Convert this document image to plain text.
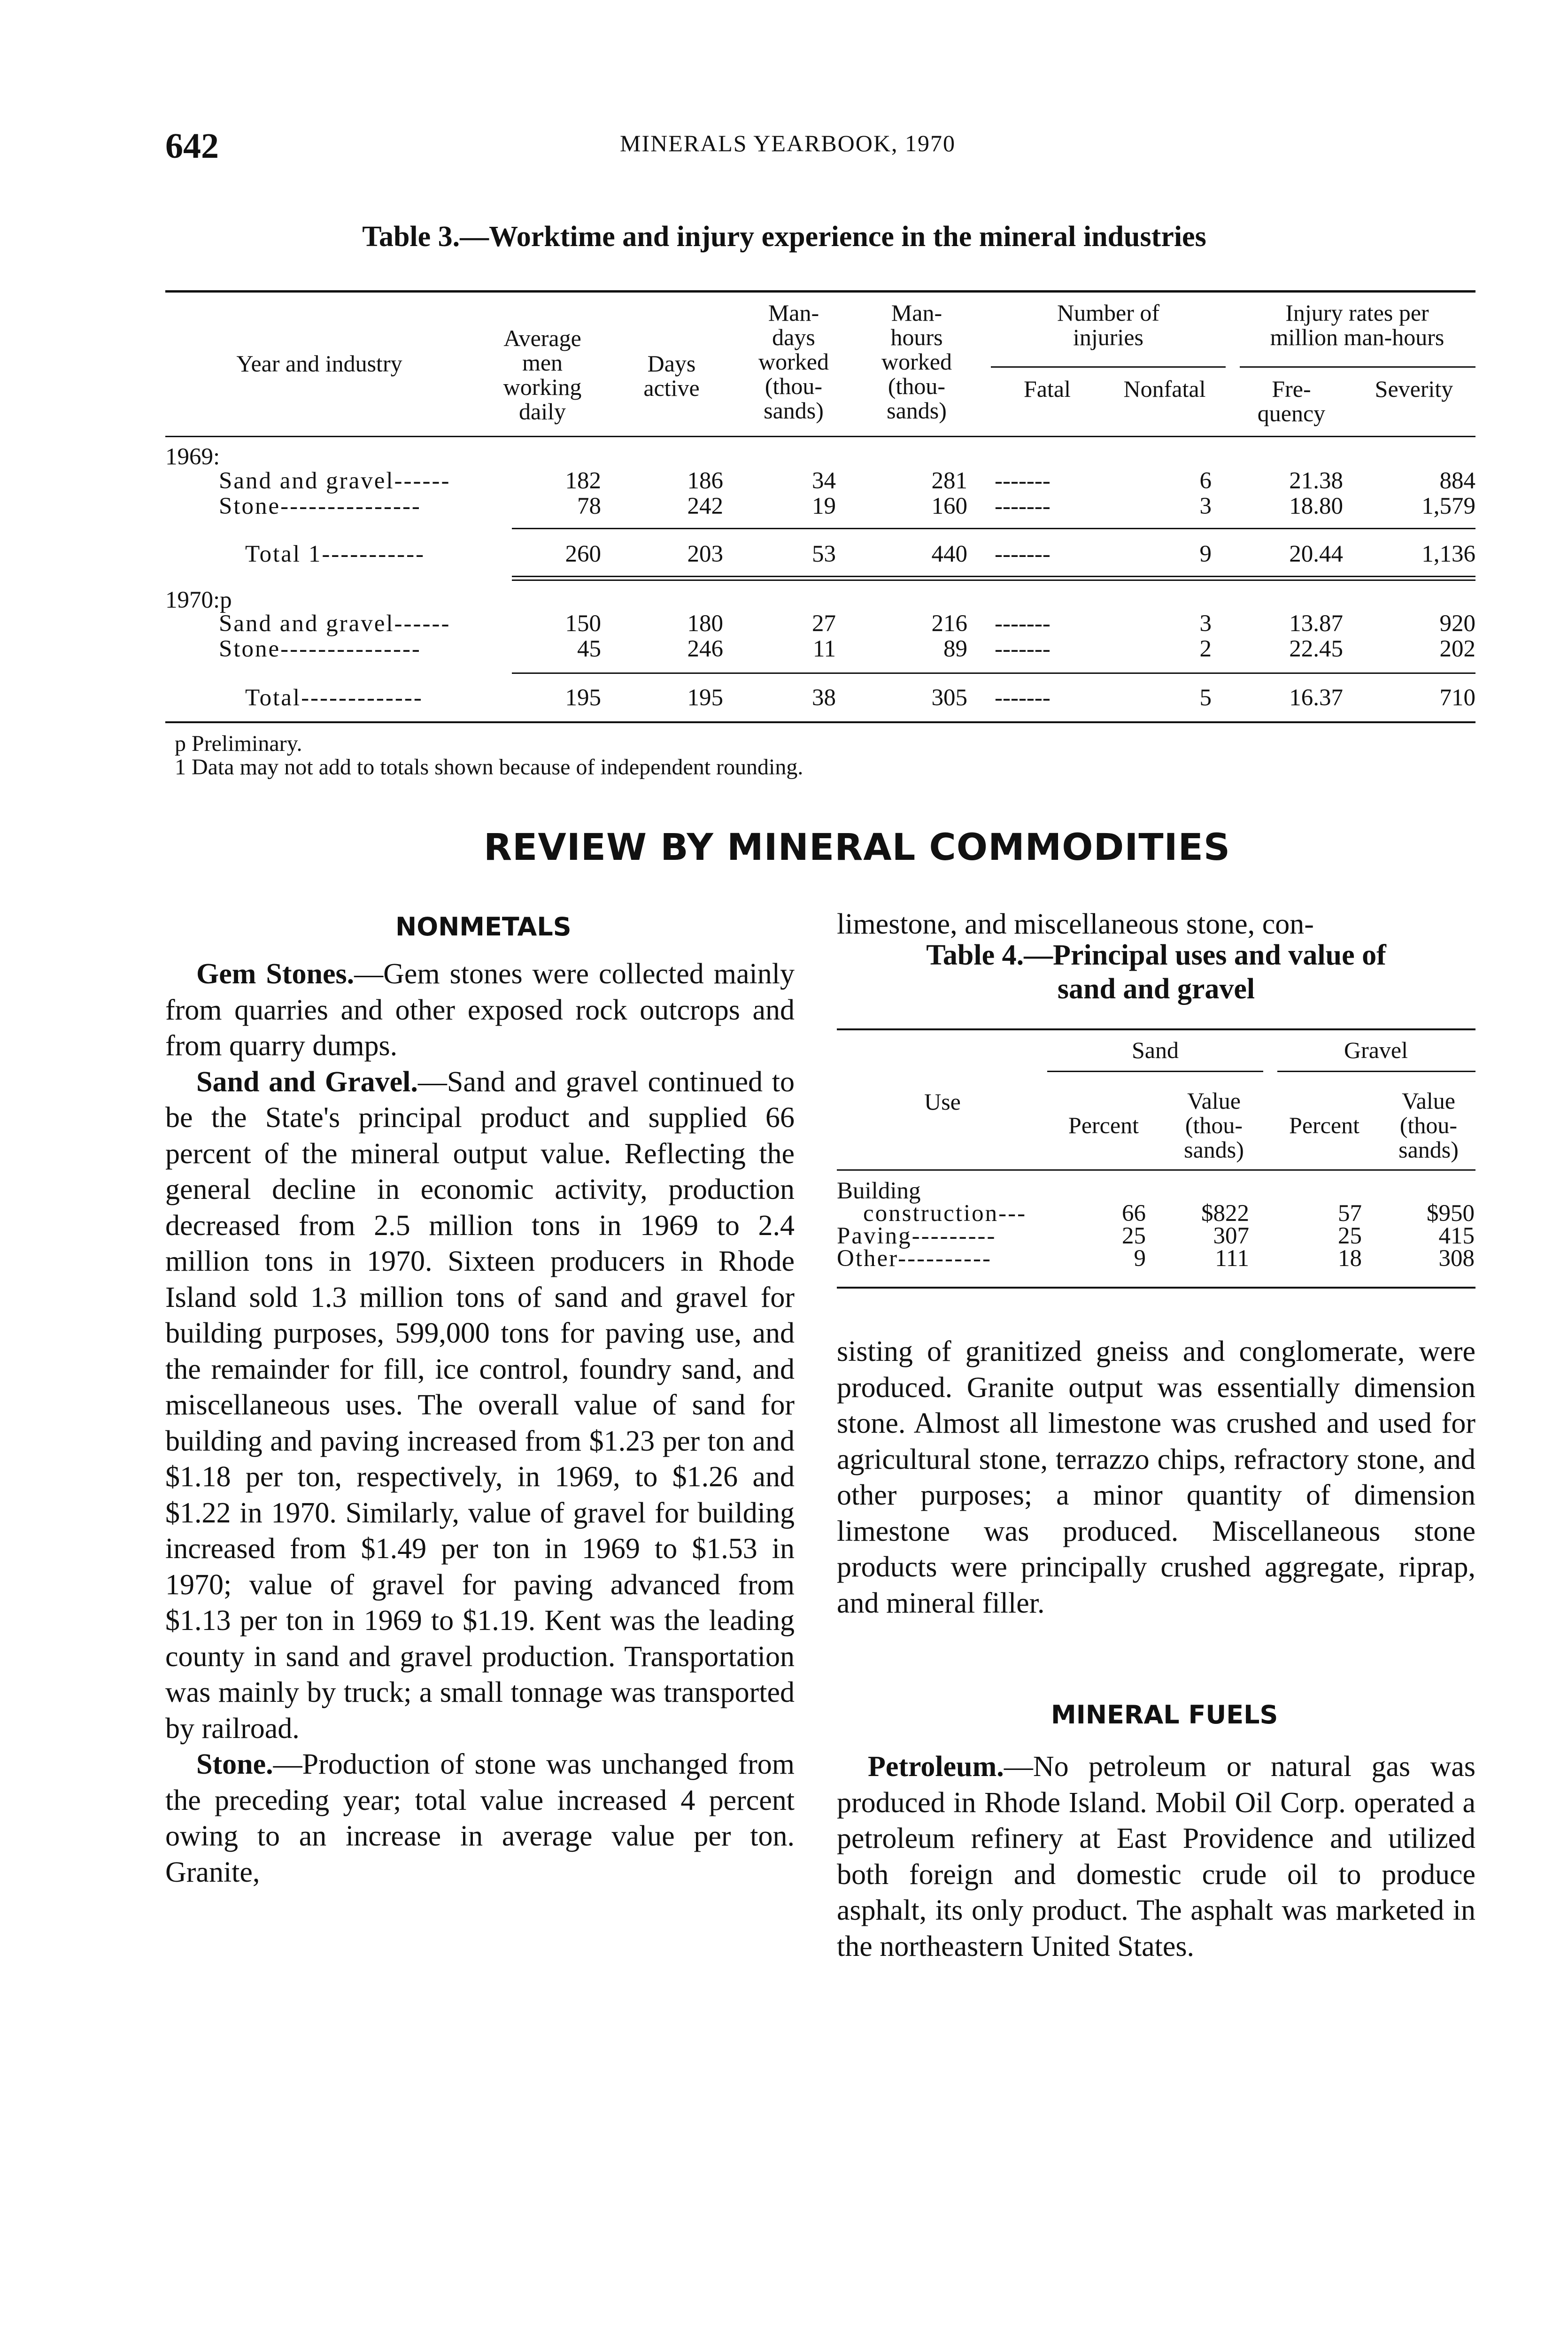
642	MINERALS YEARBOOK, 1970
Table 3.—Worktime and injury experience in the mineral industries
Year and industry
Average
men
working
daily
Days
active
Man-
days
worked
(thou-
sands)
Man-
hours
worked
(thou-
sands)
Number of
injuries
Fatal	Nonfatal
Injury rates per
million man-hours
Fre-
quency
Severity
1969:
Sand and gravel------	182	186	34	281 -------	6	21.38	884
Stone---------------	78	242	19	160 -------	3	18.80	1,579
Total 1-----------	260	203	53	440 -------	9	20.44	1,136
1970:p
Sand and gravel------	150	180	27	216 -------	3	13.87	920
Stone---------------	45	246	11	89 -------	2	22.45	202
Total-------------	195	195	38	305 -------	5	16.37	710
p Preliminary.
1 Data may not add to totals shown because of independent rounding.
REVIEW BY MINERAL COMMODITIES
NONMETALS

Gem Stones.—Gem stones were collected mainly from quarries and other exposed rock outcrops and from quarry dumps.

Sand and Gravel.—Sand and gravel continued to be the State's principal product and supplied 66 percent of the mineral output value. Reflecting the general decline in economic activity, production decreased from 2.5 million tons in 1969 to 2.4 million tons in 1970. Sixteen producers in Rhode Island sold 1.3 million tons of sand and gravel for building purposes, 599,000 tons for paving use, and the remainder for fill, ice control, foundry sand, and miscellaneous uses. The overall value of sand for building and paving increased from $1.23 per ton and $1.18 per ton, respectively, in 1969, to $1.26 and $1.22 in 1970. Similarly, value of gravel for building increased from $1.49 per ton in 1969 to $1.53 in 1970; value of gravel for paving advanced from $1.13 per ton in 1969 to $1.19. Kent was the leading county in sand and gravel production. Transportation was mainly by truck; a small tonnage was transported by railroad.

Stone.—Production of stone was unchanged from the preceding year; total value increased 4 percent owing to an increase in average value per ton. Granite,

limestone, and miscellaneous stone, con-
Table 4.—Principal uses and value of
sand and gravel
Sand	Gravel
Use
Percent
Value
(thou-
sands)
Percent
Value
(thou-
sands)
Building
construction---	66	$822	57	$950
Paving---------	25	307	25	415
Other----------	9	111	18	308
sisting of granitized gneiss and conglomerate, were produced. Granite output was essentially dimension stone. Almost all limestone was crushed and used for agricultural stone, terrazzo chips, refractory stone, and other purposes; a minor quantity of dimension limestone was produced. Miscellaneous stone products were principally crushed aggregate, riprap, and mineral filler.
MINERAL FUELS

Petroleum.—No petroleum or natural gas was produced in Rhode Island. Mobil Oil Corp. operated a petroleum refinery at East Providence and utilized both foreign and domestic crude oil to produce asphalt, its only product. The asphalt was marketed in the northeastern United States.
